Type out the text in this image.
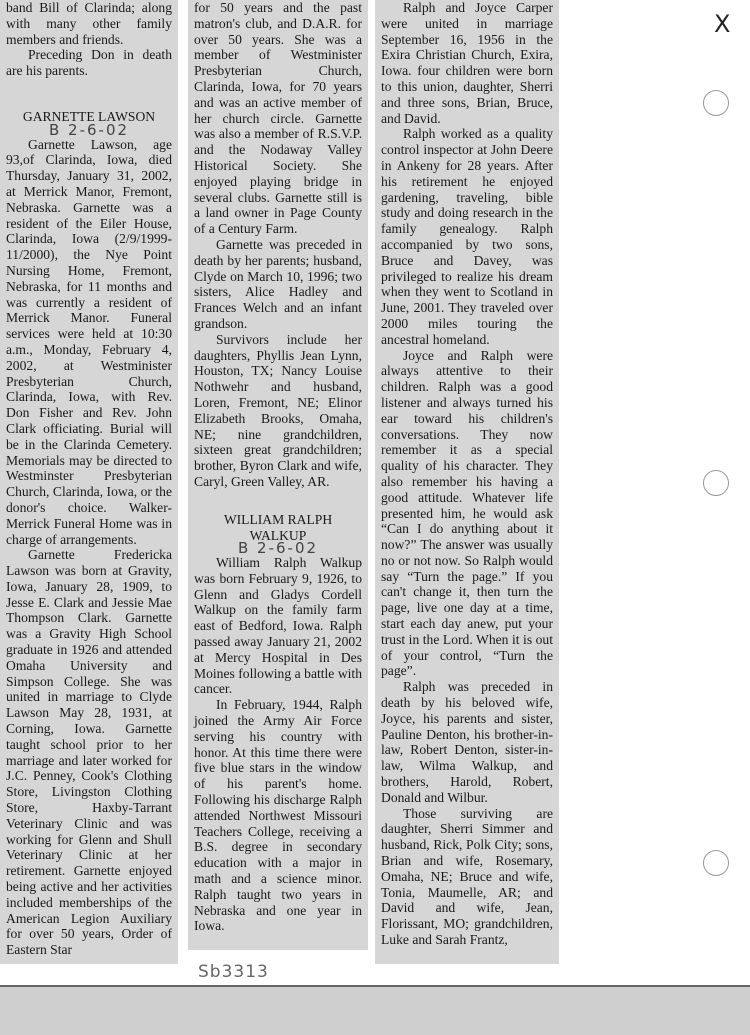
band Bill of Clarinda; along with many other family members and friends.

Preceding Don in death are his parents.

GARNETTE LAWSON

B 2-6-02

Garnette Lawson, age 93,of Clarinda, Iowa, died Thursday, January 31, 2002, at Merrick Manor, Fremont, Nebraska. Garnette was a resident of the Eiler House, Clarinda, Iowa (2/9/1999-11/2000), the Nye Point Nursing Home, Fremont, Nebraska, for 11 months and was currently a resident of Merrick Manor. Funeral services were held at 10:30 a.m., Monday, February 4, 2002, at Westminister Presbyterian Church, Clarinda, Iowa, with Rev. Don Fisher and Rev. John Clark officiating. Burial will be in the Clarinda Cemetery. Memorials may be directed to Westminster Presbyterian Church, Clarinda, Iowa, or the donor's choice. Walker-Merrick Funeral Home was in charge of arrangements.

Garnette Fredericka Lawson was born at Gravity, Iowa, January 28, 1909, to Jesse E. Clark and Jessie Mae Thompson Clark. Garnette was a Gravity High School graduate in 1926 and attended Omaha University and Simpson College. She was united in marriage to Clyde Lawson May 28, 1931, at Corning, Iowa. Garnette taught school prior to her marriage and later worked for J.C. Penney, Cook's Clothing Store, Livingston Clothing Store, Haxby-Tarrant Veterinary Clinic and was working for Glenn and Shull Veterinary Clinic at her retirement. Garnette enjoyed being active and her activities included memberships of the American Legion Auxiliary for over 50 years, Order of Eastern Star

for 50 years and the past matron's club, and D.A.R. for over 50 years. She was a member of Westminister Presbyterian Church, Clarinda, Iowa, for 70 years and was an active member of her church circle. Garnette was also a member of R.S.V.P. and the Nodaway Valley Historical Society. She enjoyed playing bridge in several clubs. Garnette still is a land owner in Page County of a Century Farm.

Garnette was preceded in death by her parents; husband, Clyde on March 10, 1996; two sisters, Alice Hadley and Frances Welch and an infant grandson.

Survivors include her daughters, Phyllis Jean Lynn, Houston, TX; Nancy Louise Nothwehr and husband, Loren, Fremont, NE; Elinor Elizabeth Brooks, Omaha, NE; nine grandchildren, sixteen great grandchildren; brother, Byron Clark and wife, Caryl, Green Valley, AR.

WILLIAM RALPH

WALKUP

B 2-6-02

William Ralph Walkup was born February 9, 1926, to Glenn and Gladys Cordell Walkup on the family farm east of Bedford, Iowa. Ralph passed away January 21, 2002 at Mercy Hospital in Des Moines following a battle with cancer.

In February, 1944, Ralph joined the Army Air Force serving his country with honor. At this time there were five blue stars in the window of his parent's home. Following his discharge Ralph attended Northwest Missouri Teachers College, receiving a B.S. degree in secondary education with a major in math and a science minor. Ralph taught two years in Nebraska and one year in Iowa.

Ralph and Joyce Carper were united in marriage September 16, 1956 in the Exira Christian Church, Exira, Iowa. four children were born to this union, daughter, Sherri and three sons, Brian, Bruce, and David.

Ralph worked as a quality control inspector at John Deere in Ankeny for 28 years. After his retirement he enjoyed gardening, traveling, bible study and doing research in the family genealogy. Ralph accompanied by two sons, Bruce and Davey, was privileged to realize his dream when they went to Scotland in June, 2001. They traveled over 2000 miles touring the ancestral homeland.

Joyce and Ralph were always attentive to their children. Ralph was a good listener and always turned his ear toward his children's conversations. They now remember it as a special quality of his character. They also remember his having a good attitude. Whatever life presented him, he would ask “Can I do anything about it now?” The answer was usually no or not now. So Ralph would say “Turn the page.” If you can't change it, then turn the page, live one day at a time, start each day anew, put your trust in the Lord. When it is out of your control, “Turn the page”.

Ralph was preceded in death by his beloved wife, Joyce, his parents and sister, Pauline Denton, his brother-in-law, Robert Denton, sister-in-law, Wilma Walkup, and brothers, Harold, Robert, Donald and Wilbur.

Those surviving are daughter, Sherri Simmer and husband, Rick, Polk City; sons, Brian and wife, Rosemary, Omaha, NE; Bruce and wife, Tonia, Maumelle, AR; and David and wife, Jean, Florissant, MO; grandchildren, Luke and Sarah Frantz,

Sb3313
X
